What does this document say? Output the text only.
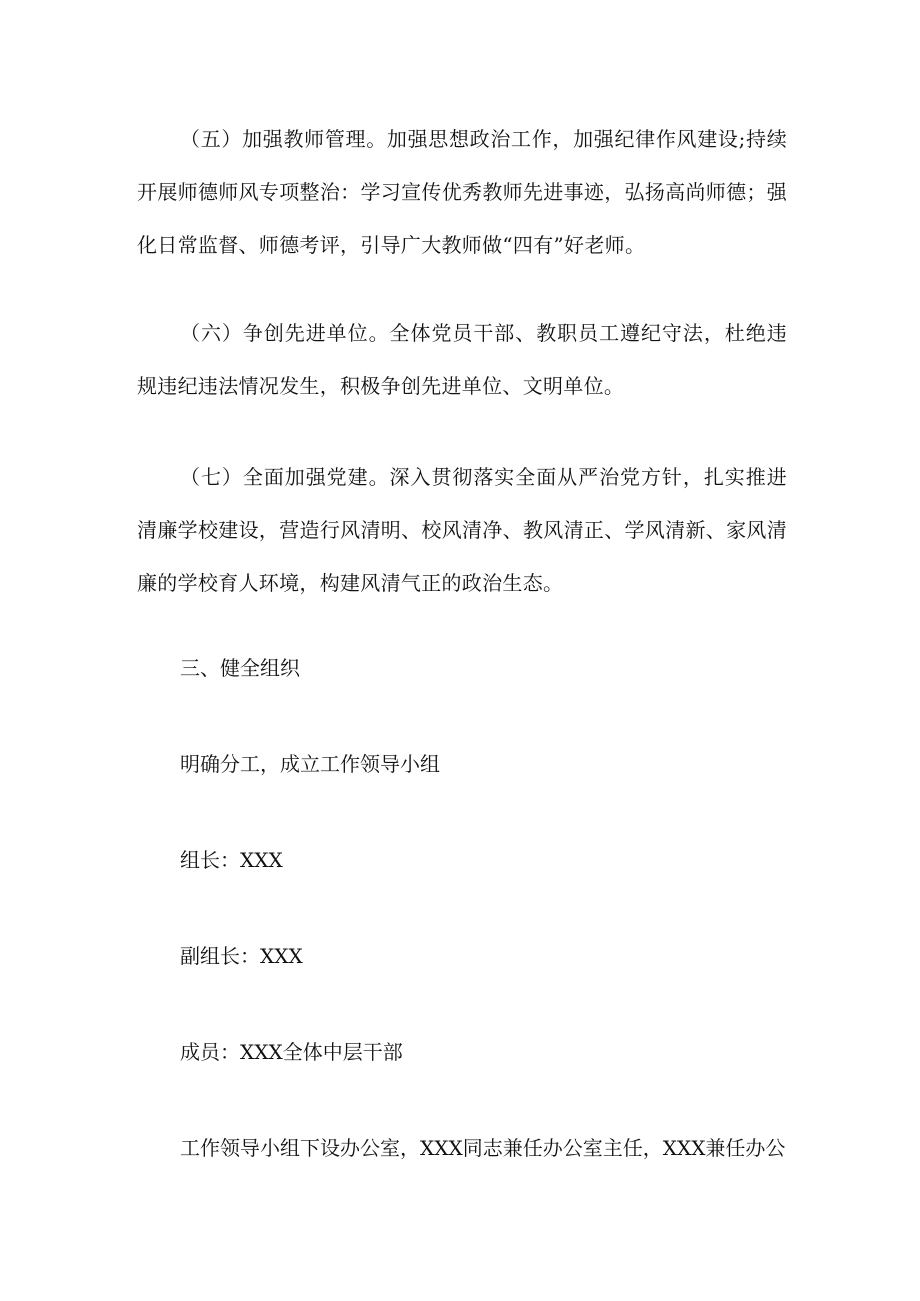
（五）加强教师管理。加强思想政治工作，加强纪律作风建设;持续开展师德师风专项整治：学习宣传优秀教师先进事迹，弘扬高尚师德；强化日常监督、师德考评，引导广大教师做“四有”好老师。

（六）争创先进单位。全体党员干部、教职员工遵纪守法，杜绝违规违纪违法情况发生，积极争创先进单位、文明单位。

（七）全面加强党建。深入贯彻落实全面从严治党方针，扎实推进清廉学校建设，营造行风清明、校风清净、教风清正、学风清新、家风清廉的学校育人环境，构建风清气正的政治生态。

三、健全组织

明确分工，成立工作领导小组

组长：XXX

副组长：XXX

成员：XXX全体中层干部

工作领导小组下设办公室，XXX同志兼任办公室主任，XXX兼任办公
